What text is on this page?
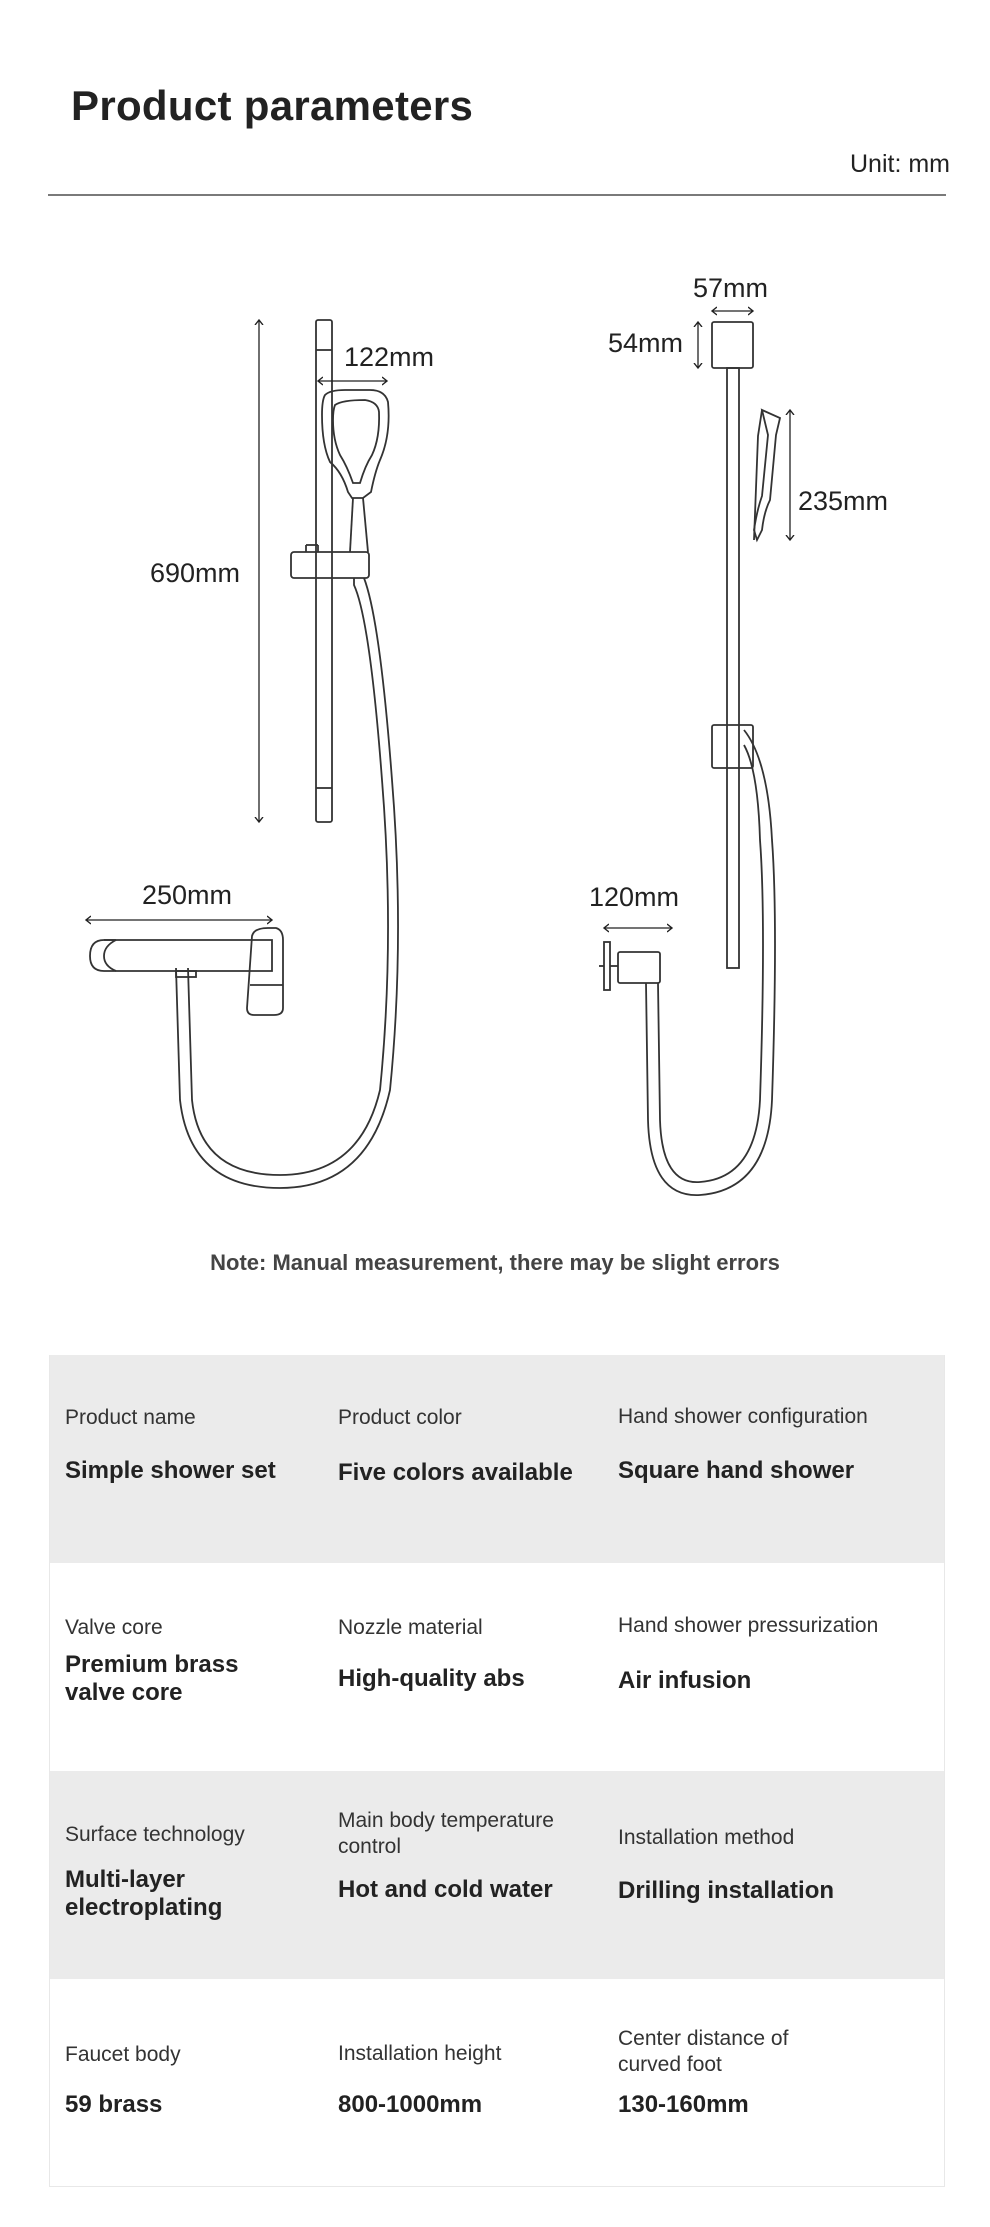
Product parameters
Unit: mm
690mm
122mm
250mm
57mm
54mm
235mm
120mm
Note: Manual measurement, there may be slight errors
Product name
Simple shower set
Product color
Five colors available
Hand shower configuration
Square hand shower
Valve core
Premium brass valve core
Nozzle material
High-quality abs
Hand shower pressurization
Air infusion
Surface technology
Multi-layer electroplating
Main body temperature control
Hot and cold water
Installation method
Drilling installation
Faucet body
59 brass
Installation height
800-1000mm
Center distance of curved foot
130-160mm
